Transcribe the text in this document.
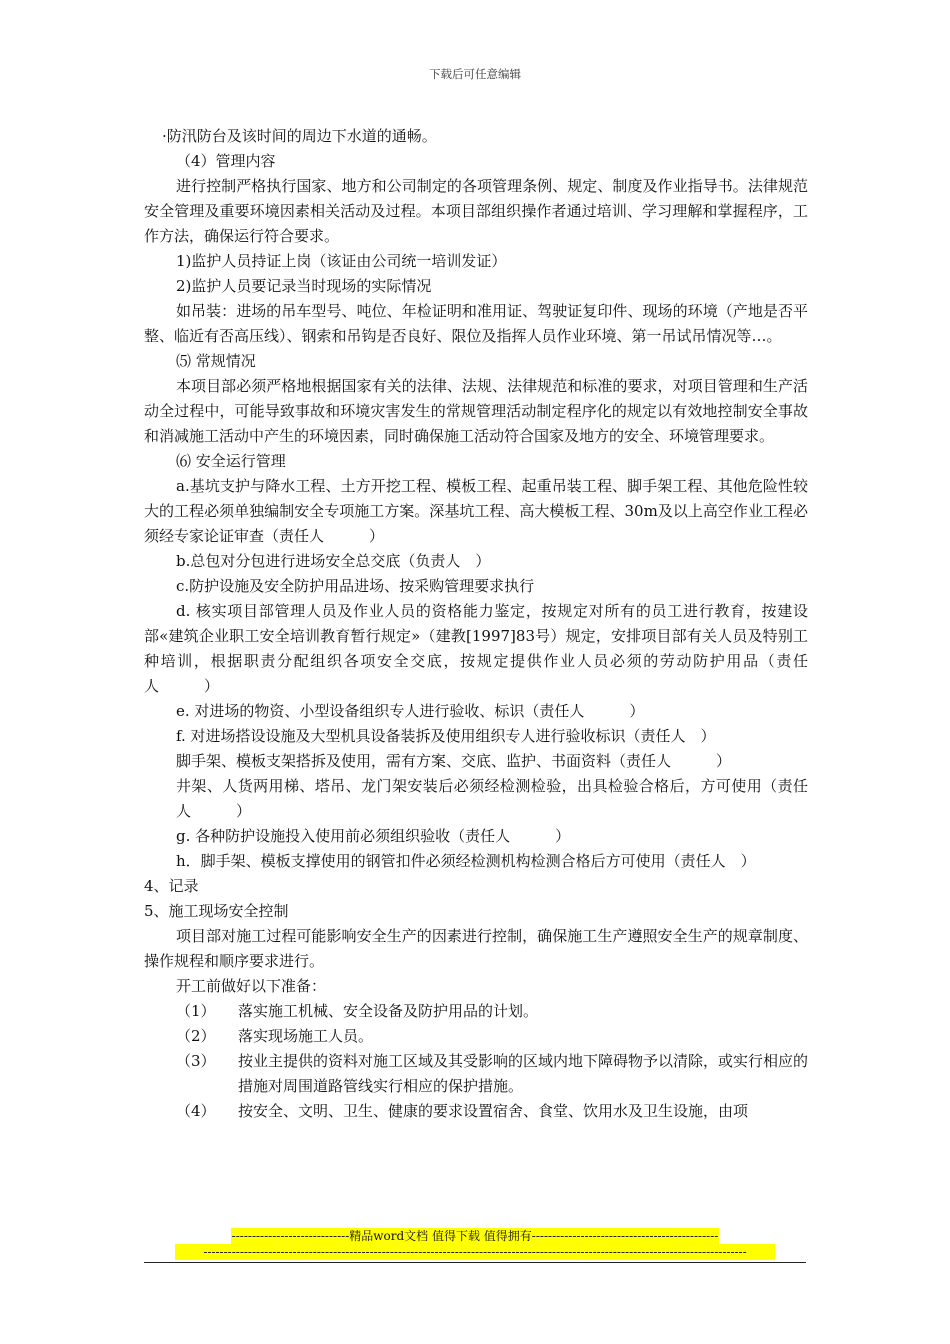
下载后可任意编辑

·防汛防台及该时间的周边下水道的通畅。

（4）管理内容

进行控制严格执行国家、地方和公司制定的各项管理条例、规定、制度及作业指导书。法律规范安全管理及重要环境因素相关活动及过程。本项目部组织操作者通过培训、学习理解和掌握程序，工作方法，确保运行符合要求。

1)监护人员持证上岗（该证由公司统一培训发证）

2)监护人员要记录当时现场的实际情况

如吊装：进场的吊车型号、吨位、年检证明和准用证、驾驶证复印件、现场的环境（产地是否平整、临近有否高压线）、钢索和吊钩是否良好、限位及指挥人员作业环境、第一吊试吊情况等…。

⑸ 常规情况

本项目部必须严格地根据国家有关的法律、法规、法律规范和标准的要求，对项目管理和生产活动全过程中，可能导致事故和环境灾害发生的常规管理活动制定程序化的规定以有效地控制安全事故和消减施工活动中产生的环境因素，同时确保施工活动符合国家及地方的安全、环境管理要求。

⑹ 安全运行管理

a.基坑支护与降水工程、土方开挖工程、模板工程、起重吊装工程、脚手架工程、其他危险性较大的工程必须单独编制安全专项施工方案。深基坑工程、高大模板工程、30m及以上高空作业工程必须经专家论证审查（责任人　　　）

b.总包对分包进行进场安全总交底（负责人　）

c.防护设施及安全防护用品进场、按采购管理要求执行

d. 核实项目部管理人员及作业人员的资格能力鉴定，按规定对所有的员工进行教育，按建设部«建筑企业职工安全培训教育暂行规定»（建教[1997]83号）规定，安排项目部有关人员及特别工种培训，根据职责分配组织各项安全交底，按规定提供作业人员必须的劳动防护用品（责任人　　　）

e. 对进场的物资、小型设备组织专人进行验收、标识（责任人　　　）

f. 对进场搭设设施及大型机具设备装拆及使用组织专人进行验收标识（责任人　）

脚手架、模板支架搭拆及使用，需有方案、交底、监护、书面资料（责任人　　　）

井架、人货两用梯、塔吊、龙门架安装后必须经检测检验，出具检验合格后，方可使用（责任人　　　）

g. 各种防护设施投入使用前必须组织验收（责任人　　　）

h．脚手架、模板支撑使用的钢管扣件必须经检测机构检测合格后方可使用（责任人　）

4、记录

5、施工现场安全控制

项目部对施工过程可能影响安全生产的因素进行控制，确保施工生产遵照安全生产的规章制度、操作规程和顺序要求进行。

开工前做好以下准备：

（1）	落实施工机械、安全设备及防护用品的计划。
（2）	落实现场施工人员。
（3）	按业主提供的资料对施工区域及其受影响的区域内地下障碍物予以清除，或实行相应的措施对周围道路管线实行相应的保护措施。
（4）	按安全、文明、卫生、健康的要求设置宿舍、食堂、饮用水及卫生设施，由项
-----------------------------精品word文档 值得下载 值得拥有----------------------------------------------
--------------------------------------------------------------------------------------------------------------------------------------
